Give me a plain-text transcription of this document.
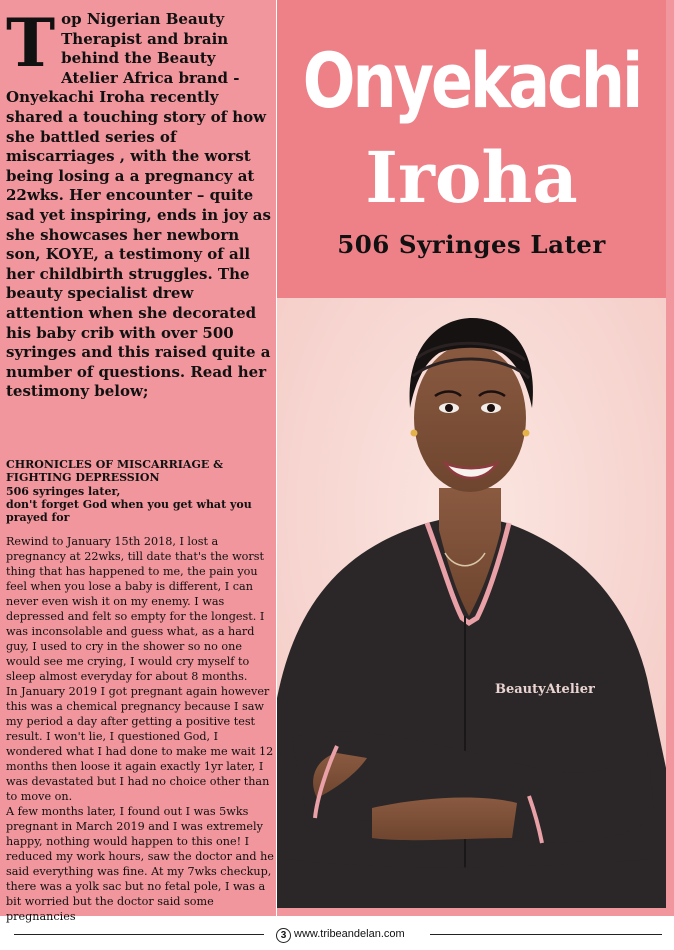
Top Nigerian Beauty Therapist and brain behind the Beauty Atelier Africa brand - Onyekachi Iroha recently shared a touching story of how she battled series of miscarriages , with the worst being losing a a pregnancy at 22wks. Her encounter – quite sad yet inspiring, ends in joy as she showcases her newborn son, KOYE, a testimony of all her childbirth struggles. The beauty specialist drew attention when she decorated his baby crib with over 500 syringes and this raised quite a number of questions. Read her testimony below;
Onyekachi
Iroha
506 Syringes Later
CHRONICLES OF MISCARRIAGE & FIGHTING DEPRESSION
506 syringes later,
don't forget God when you get what you prayed for

Rewind to January 15th 2018, I lost a pregnancy at 22wks, till date that's the worst thing that has happened to me, the pain you feel when you lose a baby is different, I can never even wish it on my enemy. I was depressed and felt so empty for the longest. I was inconsolable and guess what, as a hard guy, I used to cry in the shower so no one would see me crying, I would cry myself to sleep almost everyday for about 8 months.

In January 2019 I got pregnant again however this was a chemical pregnancy because I saw my period a day after getting a positive test result. I won't lie, I questioned God, I wondered what I had done to make me wait 12 months then loose it again exactly 1yr later, I was devastated but I had no choice other than to move on.

A few months later, I found out I was 5wks pregnant in March 2019 and I was extremely happy, nothing would happen to this one! I reduced my work hours, saw the doctor and he said everything was fine. At my 7wks checkup, there was a yolk sac but no fetal pole, I was a bit worried but the doctor said some pregnancies

BeautyAtelier
3 www.tribeandelan.com
